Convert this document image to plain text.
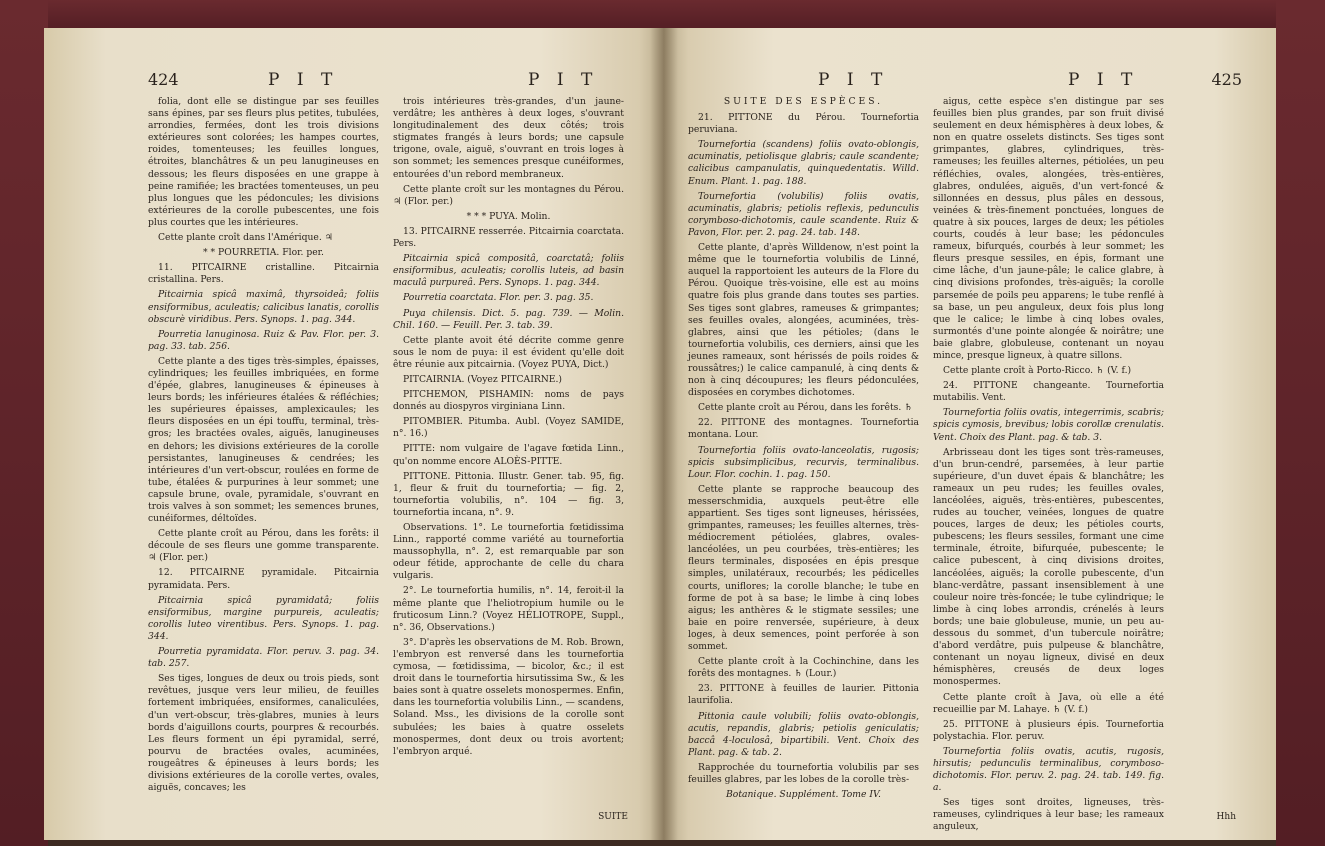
424	P I T	P I T

folia, dont elle se distingue par ses feuilles sans épines, par ses fleurs plus petites, tubulées, arrondies, fermées, dont les trois divisions extérieures sont colorées; les hampes courtes, roides, tomenteuses; les feuilles longues, étroites, blanchâtres & un peu lanugineuses en dessous; les fleurs disposées en une grappe à peine ramifiée; les bractées tomenteuses, un peu plus longues que les pédoncules; les divisions extérieures de la corolle pubescentes, une fois plus courtes que les intérieures.

Cette plante croît dans l'Amérique. ♃

* * POURRETIA. Flor. per.

11. PITCAIRNE cristalline. Pitcairnia cristallina. Pers.

Pitcairnia spicâ maximâ, thyrsoideâ; foliis ensiformibus, aculeatis; calicibus lanatis, corollis obscurè viridibus. Pers. Synops. 1. pag. 344.

Pourretia lanuginosa. Ruiz & Pav. Flor. per. 3. pag. 33. tab. 256.

Cette plante a des tiges très-simples, épaisses, cylindriques; les feuilles imbriquées, en forme d'épée, glabres, lanugineuses & épineuses à leurs bords; les inférieures étalées & réfléchies; les supérieures épaisses, amplexicaules; les fleurs disposées en un épi touffu, terminal, très-gros; les bractées ovales, aiguës, lanugineuses en dehors; les divisions extérieures de la corolle persistantes, lanugineuses & cendrées; les intérieures d'un vert-obscur, roulées en forme de tube, étalées & purpurines à leur sommet; une capsule brune, ovale, pyramidale, s'ouvrant en trois valves à son sommet; les semences brunes, cunéiformes, déltoïdes.

Cette plante croît au Pérou, dans les forêts: il découle de ses fleurs une gomme transparente. ♃ (Flor. per.)

12. PITCAIRNE pyramidale. Pitcairnia pyramidata. Pers.

Pitcairnia spicâ pyramidatâ; foliis ensiformibus, margine purpureis, aculeatis; corollis luteo virentibus. Pers. Synops. 1. pag. 344.

Pourretia pyramidata. Flor. peruv. 3. pag. 34. tab. 257.

Ses tiges, longues de deux ou trois pieds, sont revêtues, jusque vers leur milieu, de feuilles fortement imbriquées, ensiformes, canaliculées, d'un vert-obscur, très-glabres, munies à leurs bords d'aiguillons courts, pourpres & recourbés. Les fleurs forment un épi pyramidal, serré, pourvu de bractées ovales, acuminées, rougeâtres & épineuses à leurs bords; les divisions extérieures de la corolle vertes, ovales, aiguës, concaves; les

trois intérieures très-grandes, d'un jaune-verdâtre; les anthères à deux loges, s'ouvrant longitudinalement des deux côtés; trois stigmates frangés à leurs bords; une capsule trigone, ovale, aiguë, s'ouvrant en trois loges à son sommet; les semences presque cunéiformes, entourées d'un rebord membraneux.

Cette plante croît sur les montagnes du Pérou. ♃ (Flor. per.)

* * * PUYA. Molin.

13. PITCAIRNE resserrée. Pitcairnia coarctata. Pers.

Pitcairnia spicâ compositâ, coarctatâ; foliis ensiformibus, aculeatis; corollis luteis, ad basin maculâ purpureâ. Pers. Synops. 1. pag. 344.

Pourretia coarctata. Flor. per. 3. pag. 35.

Puya chilensis. Dict. 5. pag. 739. — Molin. Chil. 160. — Feuill. Per. 3. tab. 39.

Cette plante avoit été décrite comme genre sous le nom de puya: il est évident qu'elle doit être réunie aux pitcairnia. (Voyez PUYA, Dict.)

PITCAIRNIA. (Voyez PITCAIRNE.)

PITCHEMON, PISHAMIN: noms de pays donnés au diospyros virginiana Linn.

PITOMBIER. Pitumba. Aubl. (Voyez SAMIDE, n°. 16.)

PITTE: nom vulgaire de l'agave fœtida Linn., qu'on nomme encore ALOÈS-PITTE.

PITTONE. Pittonia. Illustr. Gener. tab. 95, fig. 1, fleur & fruit du tournefortia; — fig. 2, tournefortia volubilis, n°. 104 — fig. 3, tournefortia incana, n°. 9.

Observations. 1°. Le tournefortia fœtidissima Linn., rapporté comme variété au tournefortia maussophylla, n°. 2, est remarquable par son odeur fétide, approchante de celle du chara vulgaris.

2°. Le tournefortia humilis, n°. 14, feroit-il la même plante que l'heliotropium humile ou le fruticosum Linn.? (Voyez HÉLIOTROPE, Suppl., n°. 36, Observations.)

3°. D'après les observations de M. Rob. Brown, l'embryon est renversé dans les tournefortia cymosa, — fœtidissima, — bicolor, &c.; il est droit dans le tournefortia hirsutissima Sw., & les baies sont à quatre osselets monospermes. Enfin, dans les tournefortia volubilis Linn., — scandens, Soland. Mss., les divisions de la corolle sont subulées; les baies à quatre osselets monospermes, dont deux ou trois avortent; l'embryon arqué.

SUITE
P I T	P I T	425
SUITE DES ESPÈCES.

21. PITTONE du Pérou. Tournefortia peruviana.

Tournefortia (scandens) foliis ovato-oblongis, acuminatis, petiolisque glabris; caule scandente; calicibus campanulatis, quinquedentatis. Willd. Enum. Plant. 1. pag. 188.

Tournefortia (volubilis) foliis ovatis, acuminatis, glabris; petiolis reflexis, pedunculis corymboso-dichotomis, caule scandente. Ruiz & Pavon, Flor. per. 2. pag. 24. tab. 148.

Cette plante, d'après Willdenow, n'est point la même que le tournefortia volubilis de Linné, auquel la rapportoient les auteurs de la Flore du Pérou. Quoique très-voisine, elle est au moins quatre fois plus grande dans toutes ses parties. Ses tiges sont glabres, rameuses & grimpantes; ses feuilles ovales, alongées, acuminées, très-glabres, ainsi que les pétioles; (dans le tournefortia volubilis, ces derniers, ainsi que les jeunes rameaux, sont hérissés de poils roides & roussâtres;) le calice campanulé, à cinq dents & non à cinq découpures; les fleurs pédonculées, disposées en corymbes dichotomes.

Cette plante croît au Pérou, dans les forêts. ♄

22. PITTONE des montagnes. Tournefortia montana. Lour.

Tournefortia foliis ovato-lanceolatis, rugosis; spicis subsimplicibus, recurvis, terminalibus. Lour. Flor. cochin. 1. pag. 150.

Cette plante se rapproche beaucoup des messerschmidia, auxquels peut-être elle appartient. Ses tiges sont ligneuses, hérissées, grimpantes, rameuses; les feuilles alternes, très-médiocrement pétiolées, glabres, ovales-lancéolées, un peu courbées, très-entières; les fleurs terminales, disposées en épis presque simples, unilatéraux, recourbés; les pédicelles courts, uniflores; la corolle blanche; le tube en forme de pot à sa base; le limbe à cinq lobes aigus; les anthères & le stigmate sessiles; une baie en poire renversée, supérieure, à deux loges, à deux semences, point perforée à son sommet.

Cette plante croît à la Cochinchine, dans les forêts des montagnes. ♄ (Lour.)

23. PITTONE à feuilles de laurier. Pittonia laurifolia.

Pittonia caule volubili; foliis ovato-oblongis, acutis, repandis, glabris; petiolis geniculatis; baccâ 4-loculosâ, bipartibili. Vent. Choix des Plant. pag. & tab. 2.

Rapprochée du tournefortia volubilis par ses feuilles glabres, par les lobes de la corolle très-

Botanique. Supplément. Tome IV.

aigus, cette espèce s'en distingue par ses feuilles bien plus grandes, par son fruit divisé seulement en deux hémisphères à deux lobes, & non en quatre osselets distincts. Ses tiges sont grimpantes, glabres, cylindriques, très-rameuses; les feuilles alternes, pétiolées, un peu réfléchies, ovales, alongées, très-entières, glabres, ondulées, aiguës, d'un vert-foncé & sillonnées en dessus, plus pâles en dessous, veinées & très-finement ponctuées, longues de quatre à six pouces, larges de deux; les pétioles courts, coudés à leur base; les pédoncules rameux, bifurqués, courbés à leur sommet; les fleurs presque sessiles, en épis, formant une cime lâche, d'un jaune-pâle; le calice glabre, à cinq divisions profondes, très-aiguës; la corolle parsemée de poils peu apparens; le tube renflé à sa base, un peu anguleux, deux fois plus long que le calice; le limbe à cinq lobes ovales, surmontés d'une pointe alongée & noirâtre; une baie glabre, globuleuse, contenant un noyau mince, presque ligneux, à quatre sillons.

Cette plante croît à Porto-Ricco. ♄ (V. f.)

24. PITTONE changeante. Tournefortia mutabilis. Vent.

Tournefortia foliis ovatis, integerrimis, scabris; spicis cymosis, brevibus; lobis corollæ crenulatis. Vent. Choix des Plant. pag. & tab. 3.

Arbrisseau dont les tiges sont très-rameuses, d'un brun-cendré, parsemées, à leur partie supérieure, d'un duvet épais & blanchâtre; les rameaux un peu rudes; les feuilles ovales, lancéolées, aiguës, très-entières, pubescentes, rudes au toucher, veinées, longues de quatre pouces, larges de deux; les pétioles courts, pubescens; les fleurs sessiles, formant une cime terminale, étroite, bifurquée, pubescente; le calice pubescent, à cinq divisions droites, lancéolées, aiguës; la corolle pubescente, d'un blanc-verdâtre, passant insensiblement à une couleur noire très-foncée; le tube cylindrique; le limbe à cinq lobes arrondis, crénelés à leurs bords; une baie globuleuse, munie, un peu au-dessous du sommet, d'un tubercule noirâtre; d'abord verdâtre, puis pulpeuse & blanchâtre, contenant un noyau ligneux, divisé en deux hémisphères, creusés de deux loges monospermes.

Cette plante croît à Java, où elle a été recueillie par M. Lahaye. ♄ (V. f.)

25. PITTONE à plusieurs épis. Tournefortia polystachia. Flor. peruv.

Tournefortia foliis ovatis, acutis, rugosis, hirsutis; pedunculis terminalibus, corymboso-dichotomis. Flor. peruv. 2. pag. 24. tab. 149. fig. a.

Ses tiges sont droites, ligneuses, très-rameuses, cylindriques à leur base; les rameaux anguleux,

Hhh
